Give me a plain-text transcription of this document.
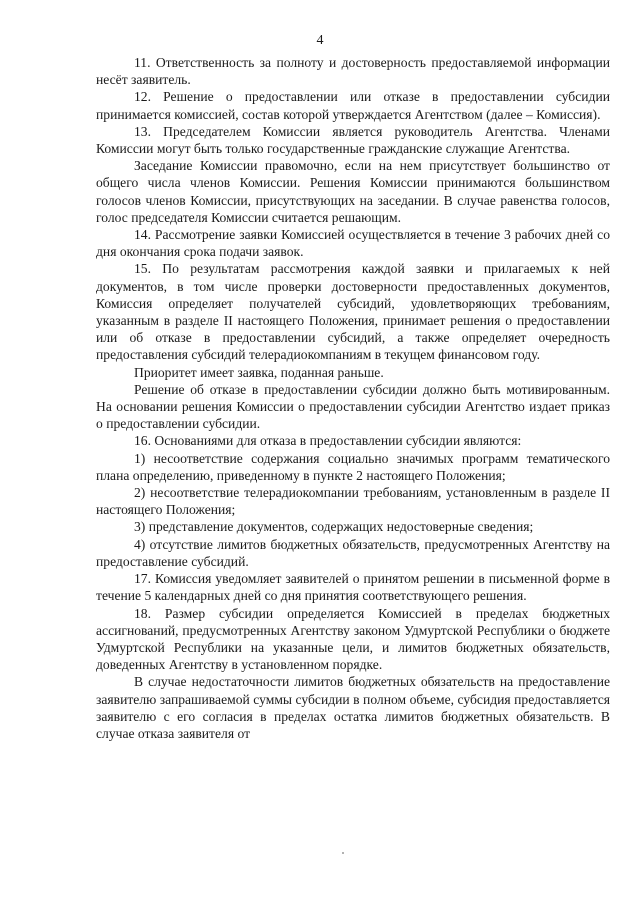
4

11. Ответственность за полноту и достоверность предоставляемой информации несёт заявитель.

12. Решение о предоставлении или отказе в предоставлении субсидии принимается комиссией, состав которой утверждается Агентством (далее – Комиссия).

13. Председателем Комиссии является руководитель Агентства. Членами Комиссии могут быть только государственные гражданские служащие Агентства.

Заседание Комиссии правомочно, если на нем присутствует большинство от общего числа членов Комиссии. Решения Комиссии принимаются большинством голосов членов Комиссии, присутствующих на заседании. В случае равенства голосов, голос председателя Комиссии считается решающим.

14. Рассмотрение заявки Комиссией осуществляется в течение 3 рабочих дней со дня окончания срока подачи заявок.

15. По результатам рассмотрения каждой заявки и прилагаемых к ней документов, в том числе проверки достоверности предоставленных документов, Комиссия определяет получателей субсидий, удовлетворяющих требованиям, указанным в разделе II настоящего Положения, принимает решения о предоставлении или об отказе в предоставлении субсидий, а также определяет очередность предоставления субсидий телерадиокомпаниям в текущем финансовом году.

Приоритет имеет заявка, поданная раньше.

Решение об отказе в предоставлении субсидии должно быть мотивированным. На основании решения Комиссии о предоставлении субсидии Агентство издает приказ о предоставлении субсидии.

16. Основаниями для отказа в предоставлении субсидии являются:

1) несоответствие содержания социально значимых программ тематического плана определению, приведенному в пункте 2 настоящего Положения;

2) несоответствие телерадиокомпании требованиям, установленным в разделе II настоящего Положения;

3) представление документов, содержащих недостоверные сведения;

4) отсутствие лимитов бюджетных обязательств, предусмотренных Агентству на предоставление субсидий.

17. Комиссия уведомляет заявителей о принятом решении в письменной форме в течение 5 календарных дней со дня принятия соответствующего решения.

18. Размер субсидии определяется Комиссией в пределах бюджетных ассигнований, предусмотренных Агентству законом Удмуртской Республики о бюджете Удмуртской Республики на указанные цели, и лимитов бюджетных обязательств, доведенных Агентству в установленном порядке.

В случае недостаточности лимитов бюджетных обязательств на предоставление заявителю запрашиваемой суммы субсидии в полном объеме, субсидия предоставляется заявителю с его согласия в пределах остатка лимитов бюджетных обязательств. В случае отказа заявителя от
